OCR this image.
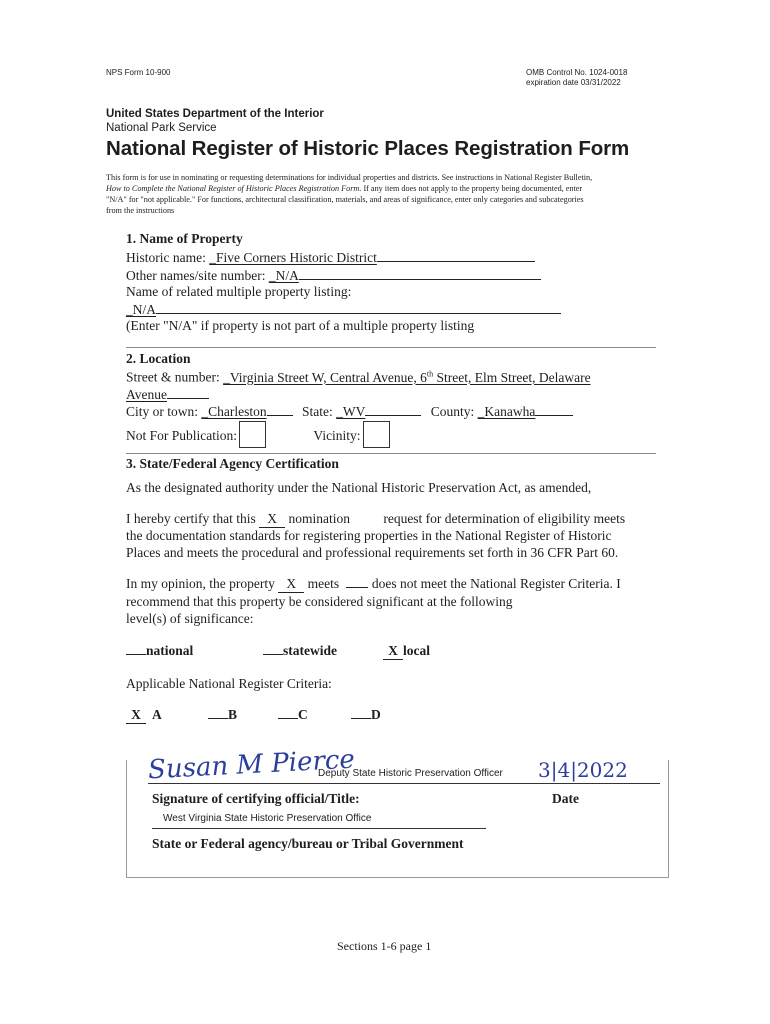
NPS Form 10-900	OMB Control No. 1024-0018
expiration date 03/31/2022
United States Department of the Interior
National Park Service
National Register of Historic Places Registration Form
This form is for use in nominating or requesting determinations for individual properties and districts. See instructions in National Register Bulletin,
How to Complete the National Register of Historic Places Registration Form. If any item does not apply to the property being documented, enter
"N/A" for "not applicable." For functions, architectural classification, materials, and areas of significance, enter only categories and subcategories
from the instructions
1. Name of Property
Historic name: _Five Corners Historic District
Other names/site number: _N/A
Name of related multiple property listing:
_N/A
(Enter "N/A" if property is not part of a multiple property listing
2. Location
Street & number: _Virginia Street W, Central Avenue, 6th Street, Elm Street, Delaware
Avenue
City or town: _Charleston	State: _WV	County: _Kanawha
Not For Publication:	Vicinity:
3. State/Federal Agency Certification
As the designated authority under the National Historic Preservation Act, as amended,
I hereby certify that this X nomination request for determination of eligibility meets
the documentation standards for registering properties in the National Register of Historic
Places and meets the procedural and professional requirements set forth in 36 CFR Part 60.
In my opinion, the property X meets does not meet the National Register Criteria. I
recommend that this property be considered significant at the following
level(s) of significance:
national	statewide	X local
Applicable National Register Criteria:
X A	B	C	D
Susan M Pierce
Deputy State Historic Preservation Officer 3|4|2022
Signature of certifying official/Title:	Date
West Virginia State Historic Preservation Office
State or Federal agency/bureau or Tribal Government
Sections 1-6 page 1
